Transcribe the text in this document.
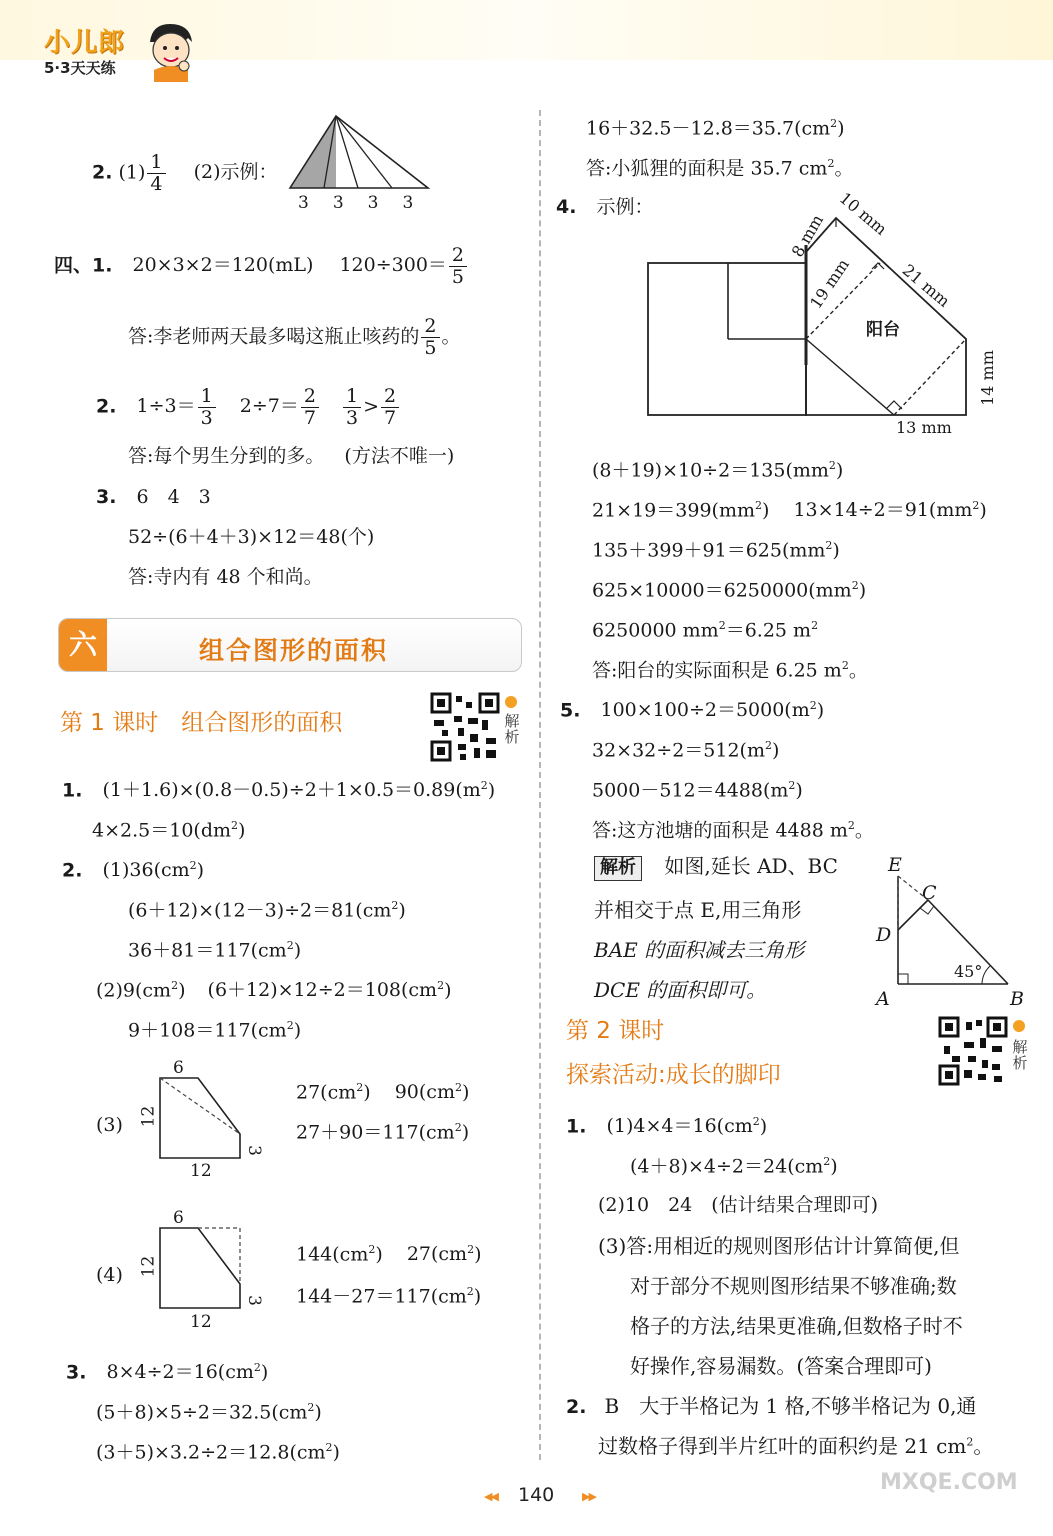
小儿郎
5·3天天练
2. $(1) \frac{1}{4} (2)$示例：
3 3 3 3
四、1. 20×3×2＝120(mL) $120\div 300= \frac{2}{5}$
答:李老师两天最多喝这瓶止咳药的 $\frac{2}{5}$ 。
2. $1\div 3= \frac{1}{3} 2\div 7= \frac{2}{7}$
$\frac{1}{3} > \frac{2}{7}$
答:每个男生分到的多。 (方法不唯一)
3. 6　4　3
52÷(6＋4＋3)×12＝48(个)
答:寺内有 48 个和尚。
六	组合图形的面积
第 1 课时　组合图形的面积	解析
1. $(1+1.6)\times(0.8-0.5)\div 2+1\times 0.5=0.89(m^2)$
$4\times 2.5=10(dm^2)$
2. $(1)36(cm^2)$
$(6+12)\times(12-3)\div 2=81(cm^2)$
$36+81=117(cm^2)$
$(2)9(cm^2)$ $(6+12)\times 12\div 2=108(cm^2)$
$9+108=117(cm^2)$
(3)
6
12
12
3
$27(cm^2)$ $90(cm^2)$
$27+90=117(cm^2)$
(4)
6
12
12
3
$144(cm^2)$ $27(cm^2)$
$144-27=117(cm^2)$
3. $8\times 4\div 2=16(cm^2)$
$(5+8)\times 5\div 2=32.5(cm^2)$
$(3+5)\times 3.2\div 2=12.8(cm^2)$
$16+32.5-12.8=35.7(cm^2)$
答:小狐狸的面积是 35.7 $cm^2$。
4. 示例：
8 mm 10 mm
19 mm	21 mm
14 mm
13 mm
阳台
$(8+19)\times 10\div 2=135(mm^2)$
$21\times 19=399(mm^2)$ $13\times 14\div 2=91(mm^2)$
$135+399+91=625(mm^2)$
$625\times 10000=6250000(mm^2)$
6250000 $mm^2=6.25$ $m^2$
答:阳台的实际面积是 6.25 $m^2$。
5. $100\times 100\div 2=5000(m^2)$
$32\times 32\div 2=512(m^2)$
$5000-512=4488(m^2)$
答:这方池塘的面积是 4488 $m^2$。
解析 如图,延长 AD、BC
并相交于点 E,用三角形
BAE 的面积减去三角形
DCE 的面积即可。
E
C
D
A	B
45°
第 2 课时
探索活动:成长的脚印
解析
1. $(1)4\times 4=16(cm^2)$
$(4+8)\times 4\div 2=24(cm^2)$
(2)10　24　(估计结果合理即可)
(3)答:用相近的规则图形估计计算简便,但
对于部分不规则图形结果不够准确;数
格子的方法,结果更准确,但数格子时不
好操作,容易漏数。(答案合理即可)
2. B　大于半格记为 1 格,不够半格记为 0,通
过数格子得到半片红叶的面积约是 21 $cm^2$。
◀◀ 140	▶▶
MXQE.COM
